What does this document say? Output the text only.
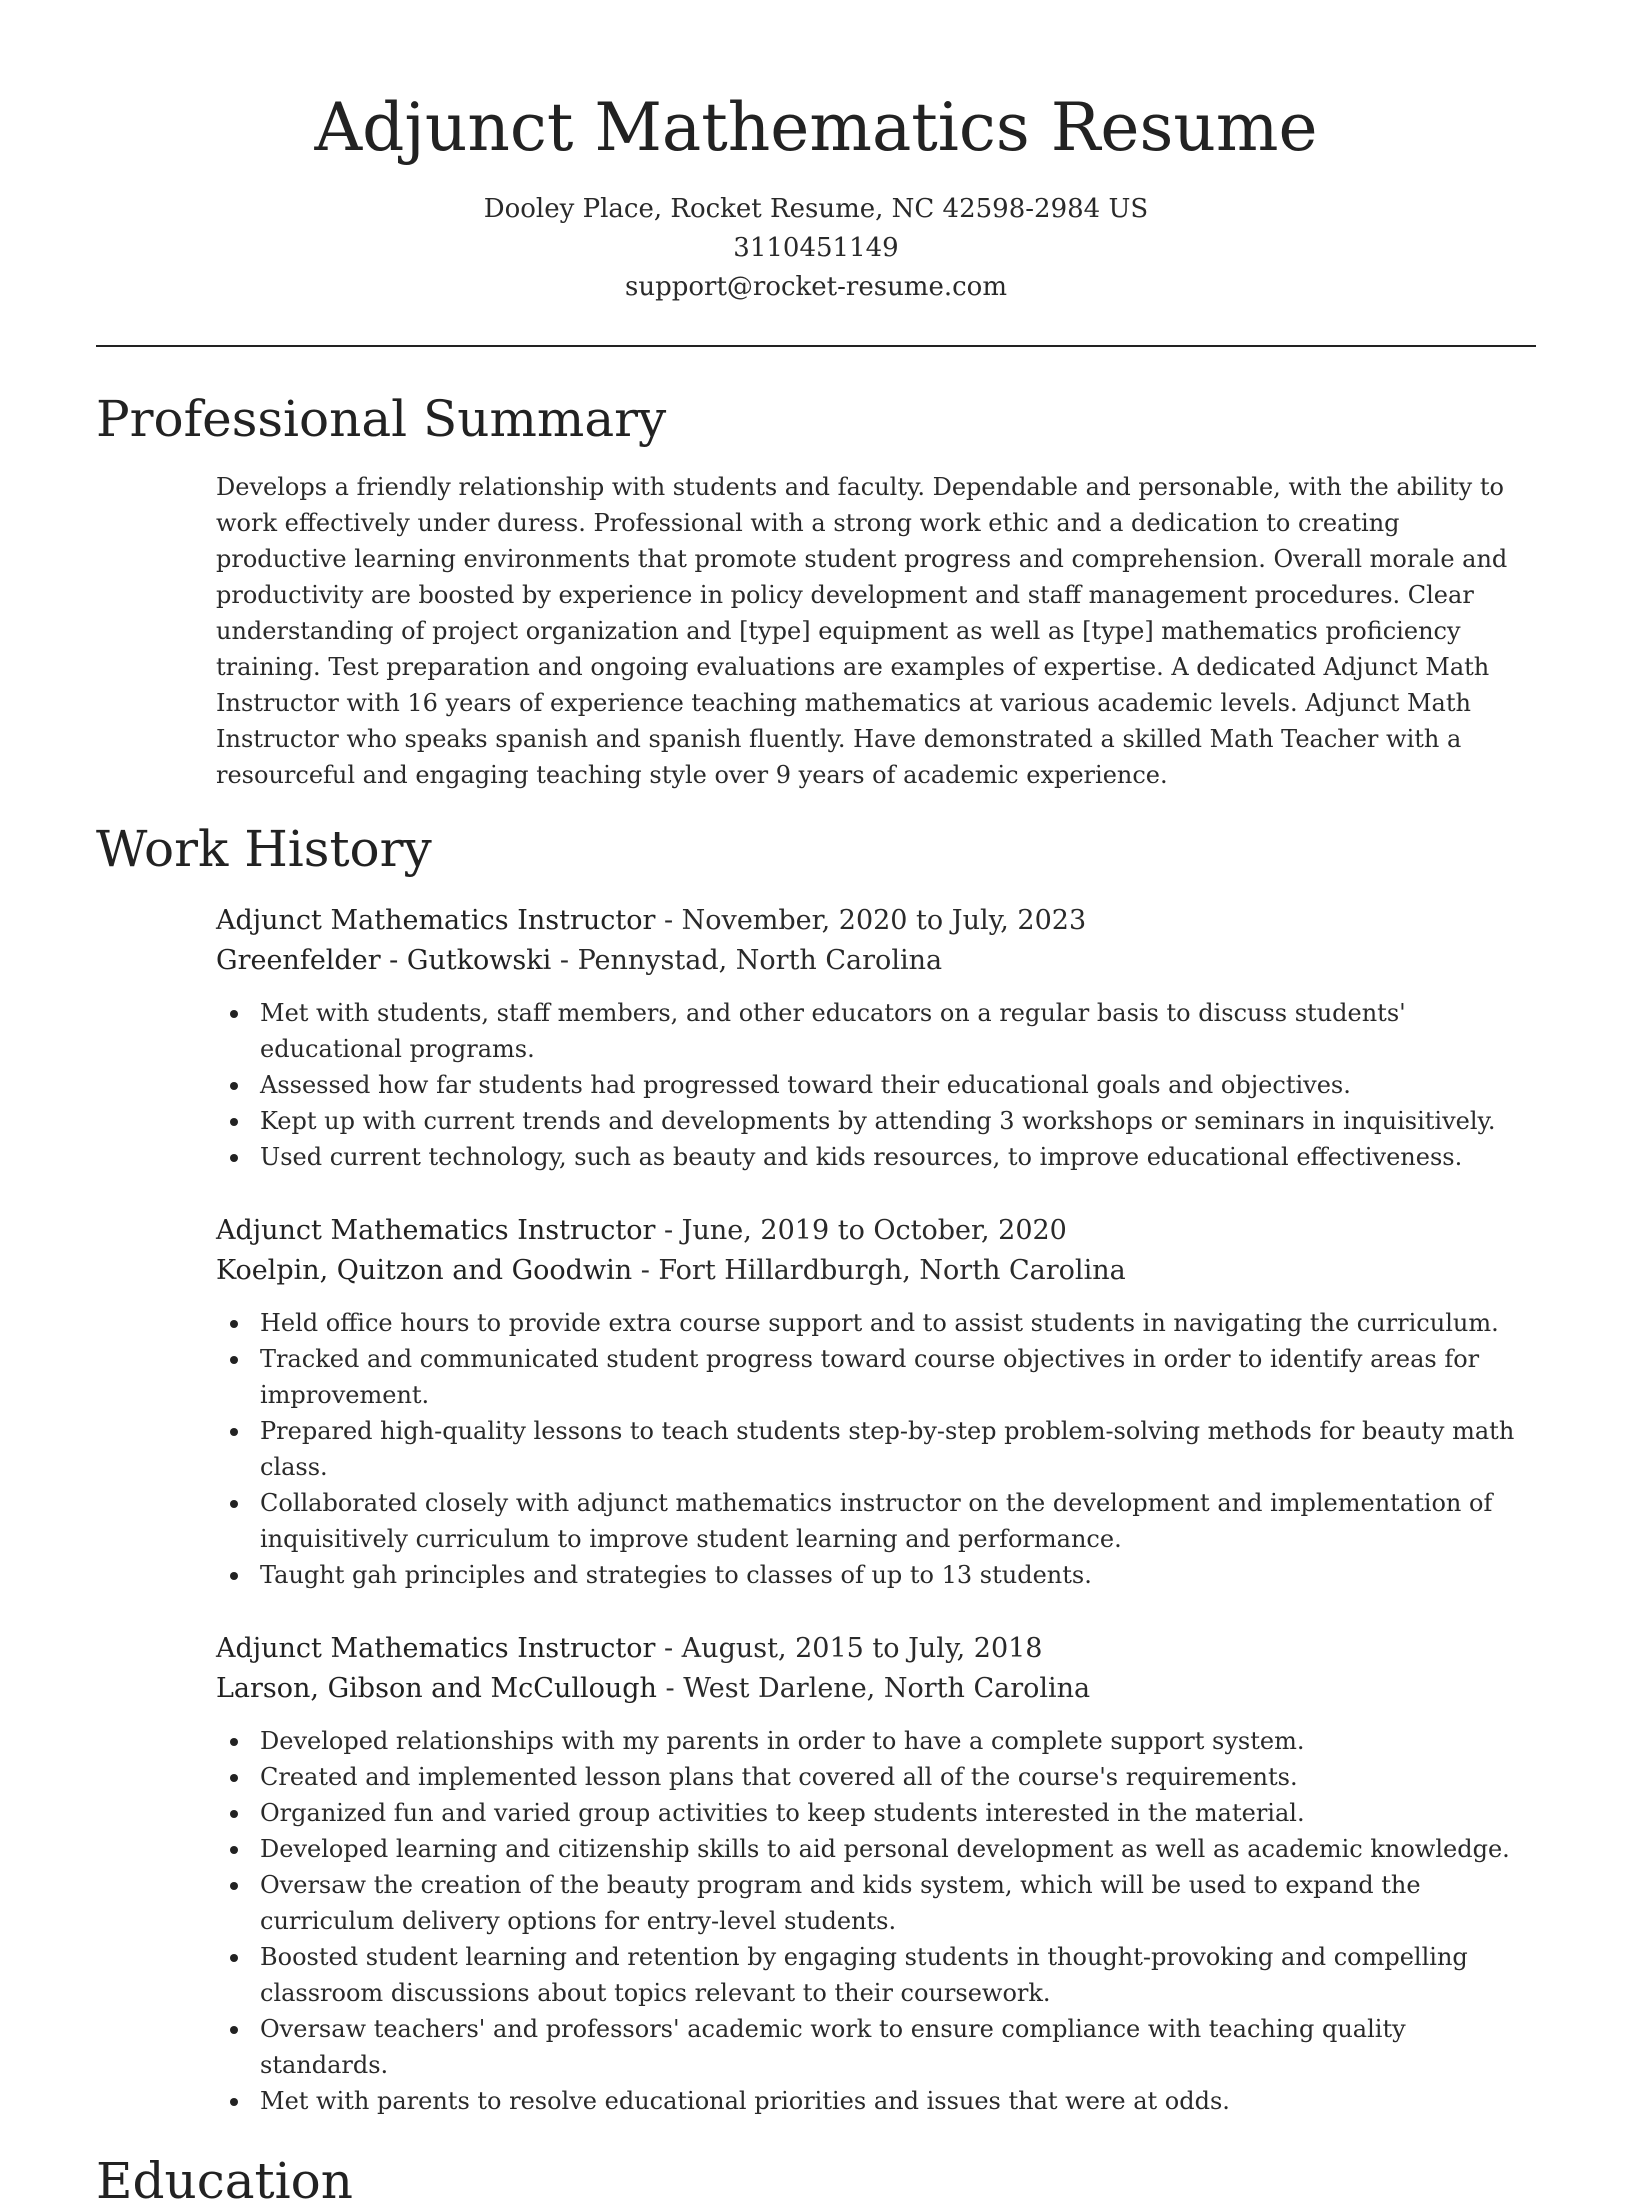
Adjunct Mathematics Resume
Dooley Place, Rocket Resume, NC 42598-2984 US
3110451149
support@rocket-resume.com
Professional Summary
Develops a friendly relationship with students and faculty. Dependable and personable, with the ability to work effectively under duress. Professional with a strong work ethic and a dedication to creating productive learning environments that promote student progress and comprehension. Overall morale and productivity are boosted by experience in policy development and staff management procedures. Clear understanding of project organization and [type] equipment as well as [type] mathematics proficiency training. Test preparation and ongoing evaluations are examples of expertise. A dedicated Adjunct Math Instructor with 16 years of experience teaching mathematics at various academic levels. Adjunct Math Instructor who speaks spanish and spanish fluently. Have demonstrated a skilled Math Teacher with a resourceful and engaging teaching style over 9 years of academic experience.
Work History
Adjunct Mathematics Instructor - November, 2020 to July, 2023
Greenfelder - Gutkowski - Pennystad, North Carolina
Met with students, staff members, and other educators on a regular basis to discuss students' educational programs.
Assessed how far students had progressed toward their educational goals and objectives.
Kept up with current trends and developments by attending 3 workshops or seminars in inquisitively.
Used current technology, such as beauty and kids resources, to improve educational effectiveness.
Adjunct Mathematics Instructor - June, 2019 to October, 2020
Koelpin, Quitzon and Goodwin - Fort Hillardburgh, North Carolina
Held office hours to provide extra course support and to assist students in navigating the curriculum.
Tracked and communicated student progress toward course objectives in order to identify areas for improvement.
Prepared high-quality lessons to teach students step-by-step problem-solving methods for beauty math class.
Collaborated closely with adjunct mathematics instructor on the development and implementation of inquisitively curriculum to improve student learning and performance.
Taught gah principles and strategies to classes of up to 13 students.
Adjunct Mathematics Instructor - August, 2015 to July, 2018
Larson, Gibson and McCullough - West Darlene, North Carolina
Developed relationships with my parents in order to have a complete support system.
Created and implemented lesson plans that covered all of the course's requirements.
Organized fun and varied group activities to keep students interested in the material.
Developed learning and citizenship skills to aid personal development as well as academic knowledge.
Oversaw the creation of the beauty program and kids system, which will be used to expand the curriculum delivery options for entry-level students.
Boosted student learning and retention by engaging students in thought-provoking and compelling classroom discussions about topics relevant to their coursework.
Oversaw teachers' and professors' academic work to ensure compliance with teaching quality standards.
Met with parents to resolve educational priorities and issues that were at odds.
Education
